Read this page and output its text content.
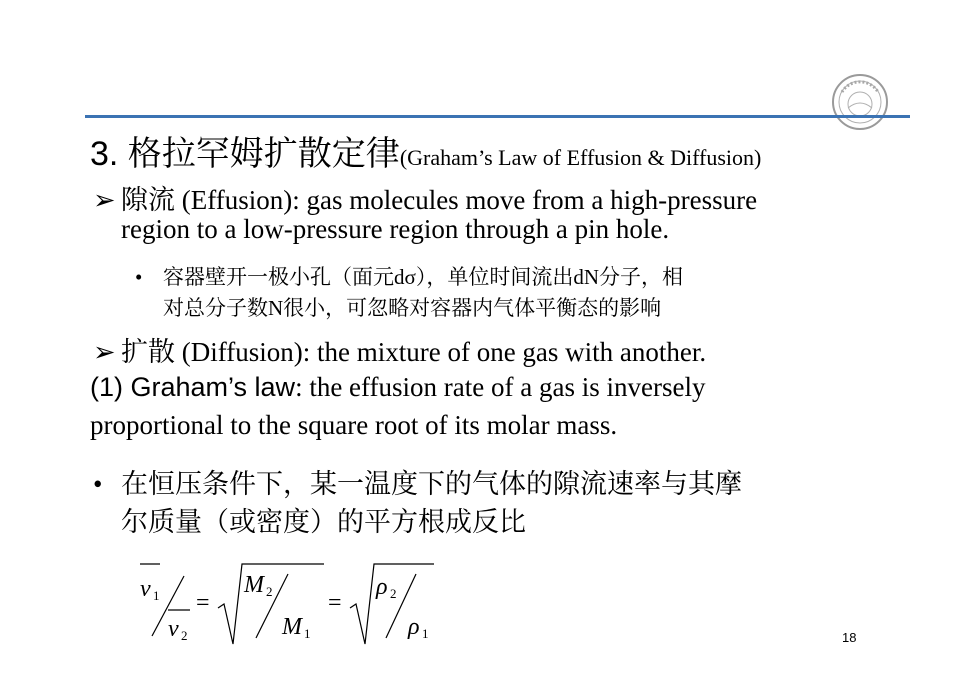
3. 格拉罕姆扩散定律(Graham’s Law of Effusion & Diffusion)
➢ 隙流 (Effusion): gas molecules move from a high-pressure
region to a low-pressure region through a pin hole.
• 容器壁开一极小孔（面元dσ），单位时间流出dN分子，相
对总分子数N很小，可忽略对容器内气体平衡态的影响
➢ 扩散 (Diffusion): the mixture of one gas with another.
(1) Graham’s law: the effusion rate of a gas is inversely
proportional to the square root of its molar mass.
• 在恒压条件下，某一温度下的气体的隙流速率与其摩
尔质量（或密度）的平方根成反比
v 1
v 2
=
M 2
M 1
=
ρ 2
ρ 1	18
